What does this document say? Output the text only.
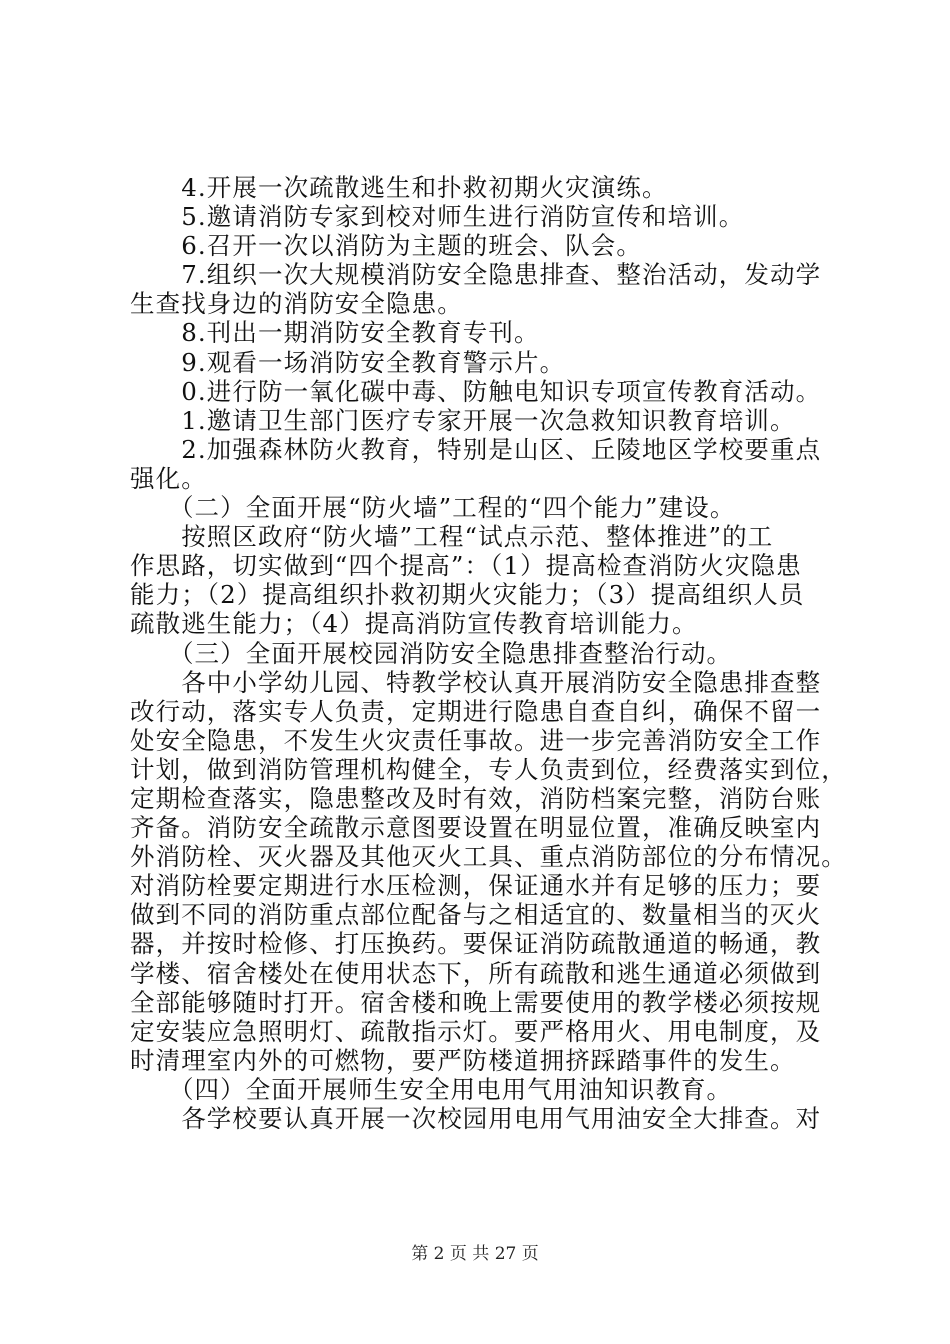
　　4.开展一次疏散逃生和扑救初期火灾演练。

　　5.邀请消防专家到校对师生进行消防宣传和培训。

　　6.召开一次以消防为主题的班会、队会。

　　7.组织一次大规模消防安全隐患排查、整治活动，发动学

生查找身边的消防安全隐患。

　　8.刊出一期消防安全教育专刊。

　　9.观看一场消防安全教育警示片。

　　0.进行防一氧化碳中毒、防触电知识专项宣传教育活动。

　　1.邀请卫生部门医疗专家开展一次急救知识教育培训。

　　2.加强森林防火教育，特别是山区、丘陵地区学校要重点

强化。

　　（二）全面开展“防火墙”工程的“四个能力”建设。

　　按照区政府“防火墙”工程“试点示范、整体推进”的工

作思路，切实做到“四个提高”：（1）提高检查消防火灾隐患

能力；（2）提高组织扑救初期火灾能力；（3）提高组织人员

疏散逃生能力；（4）提高消防宣传教育培训能力。

　　（三）全面开展校园消防安全隐患排查整治行动。

　　各中小学幼儿园、特教学校认真开展消防安全隐患排查整

改行动，落实专人负责，定期进行隐患自查自纠，确保不留一

处安全隐患，不发生火灾责任事故。进一步完善消防安全工作

计划，做到消防管理机构健全，专人负责到位，经费落实到位，

定期检查落实，隐患整改及时有效，消防档案完整，消防台账

齐备。消防安全疏散示意图要设置在明显位置，准确反映室内

外消防栓、灭火器及其他灭火工具、重点消防部位的分布情况。

对消防栓要定期进行水压检测，保证通水并有足够的压力；要

做到不同的消防重点部位配备与之相适宜的、数量相当的灭火

器，并按时检修、打压换药。要保证消防疏散通道的畅通，教

学楼、宿舍楼处在使用状态下，所有疏散和逃生通道必须做到

全部能够随时打开。宿舍楼和晚上需要使用的教学楼必须按规

定安装应急照明灯、疏散指示灯。要严格用火、用电制度，及

时清理室内外的可燃物，要严防楼道拥挤踩踏事件的发生。

　　（四）全面开展师生安全用电用气用油知识教育。

　　各学校要认真开展一次校园用电用气用油安全大排查。对

第 2 页 共 27 页
